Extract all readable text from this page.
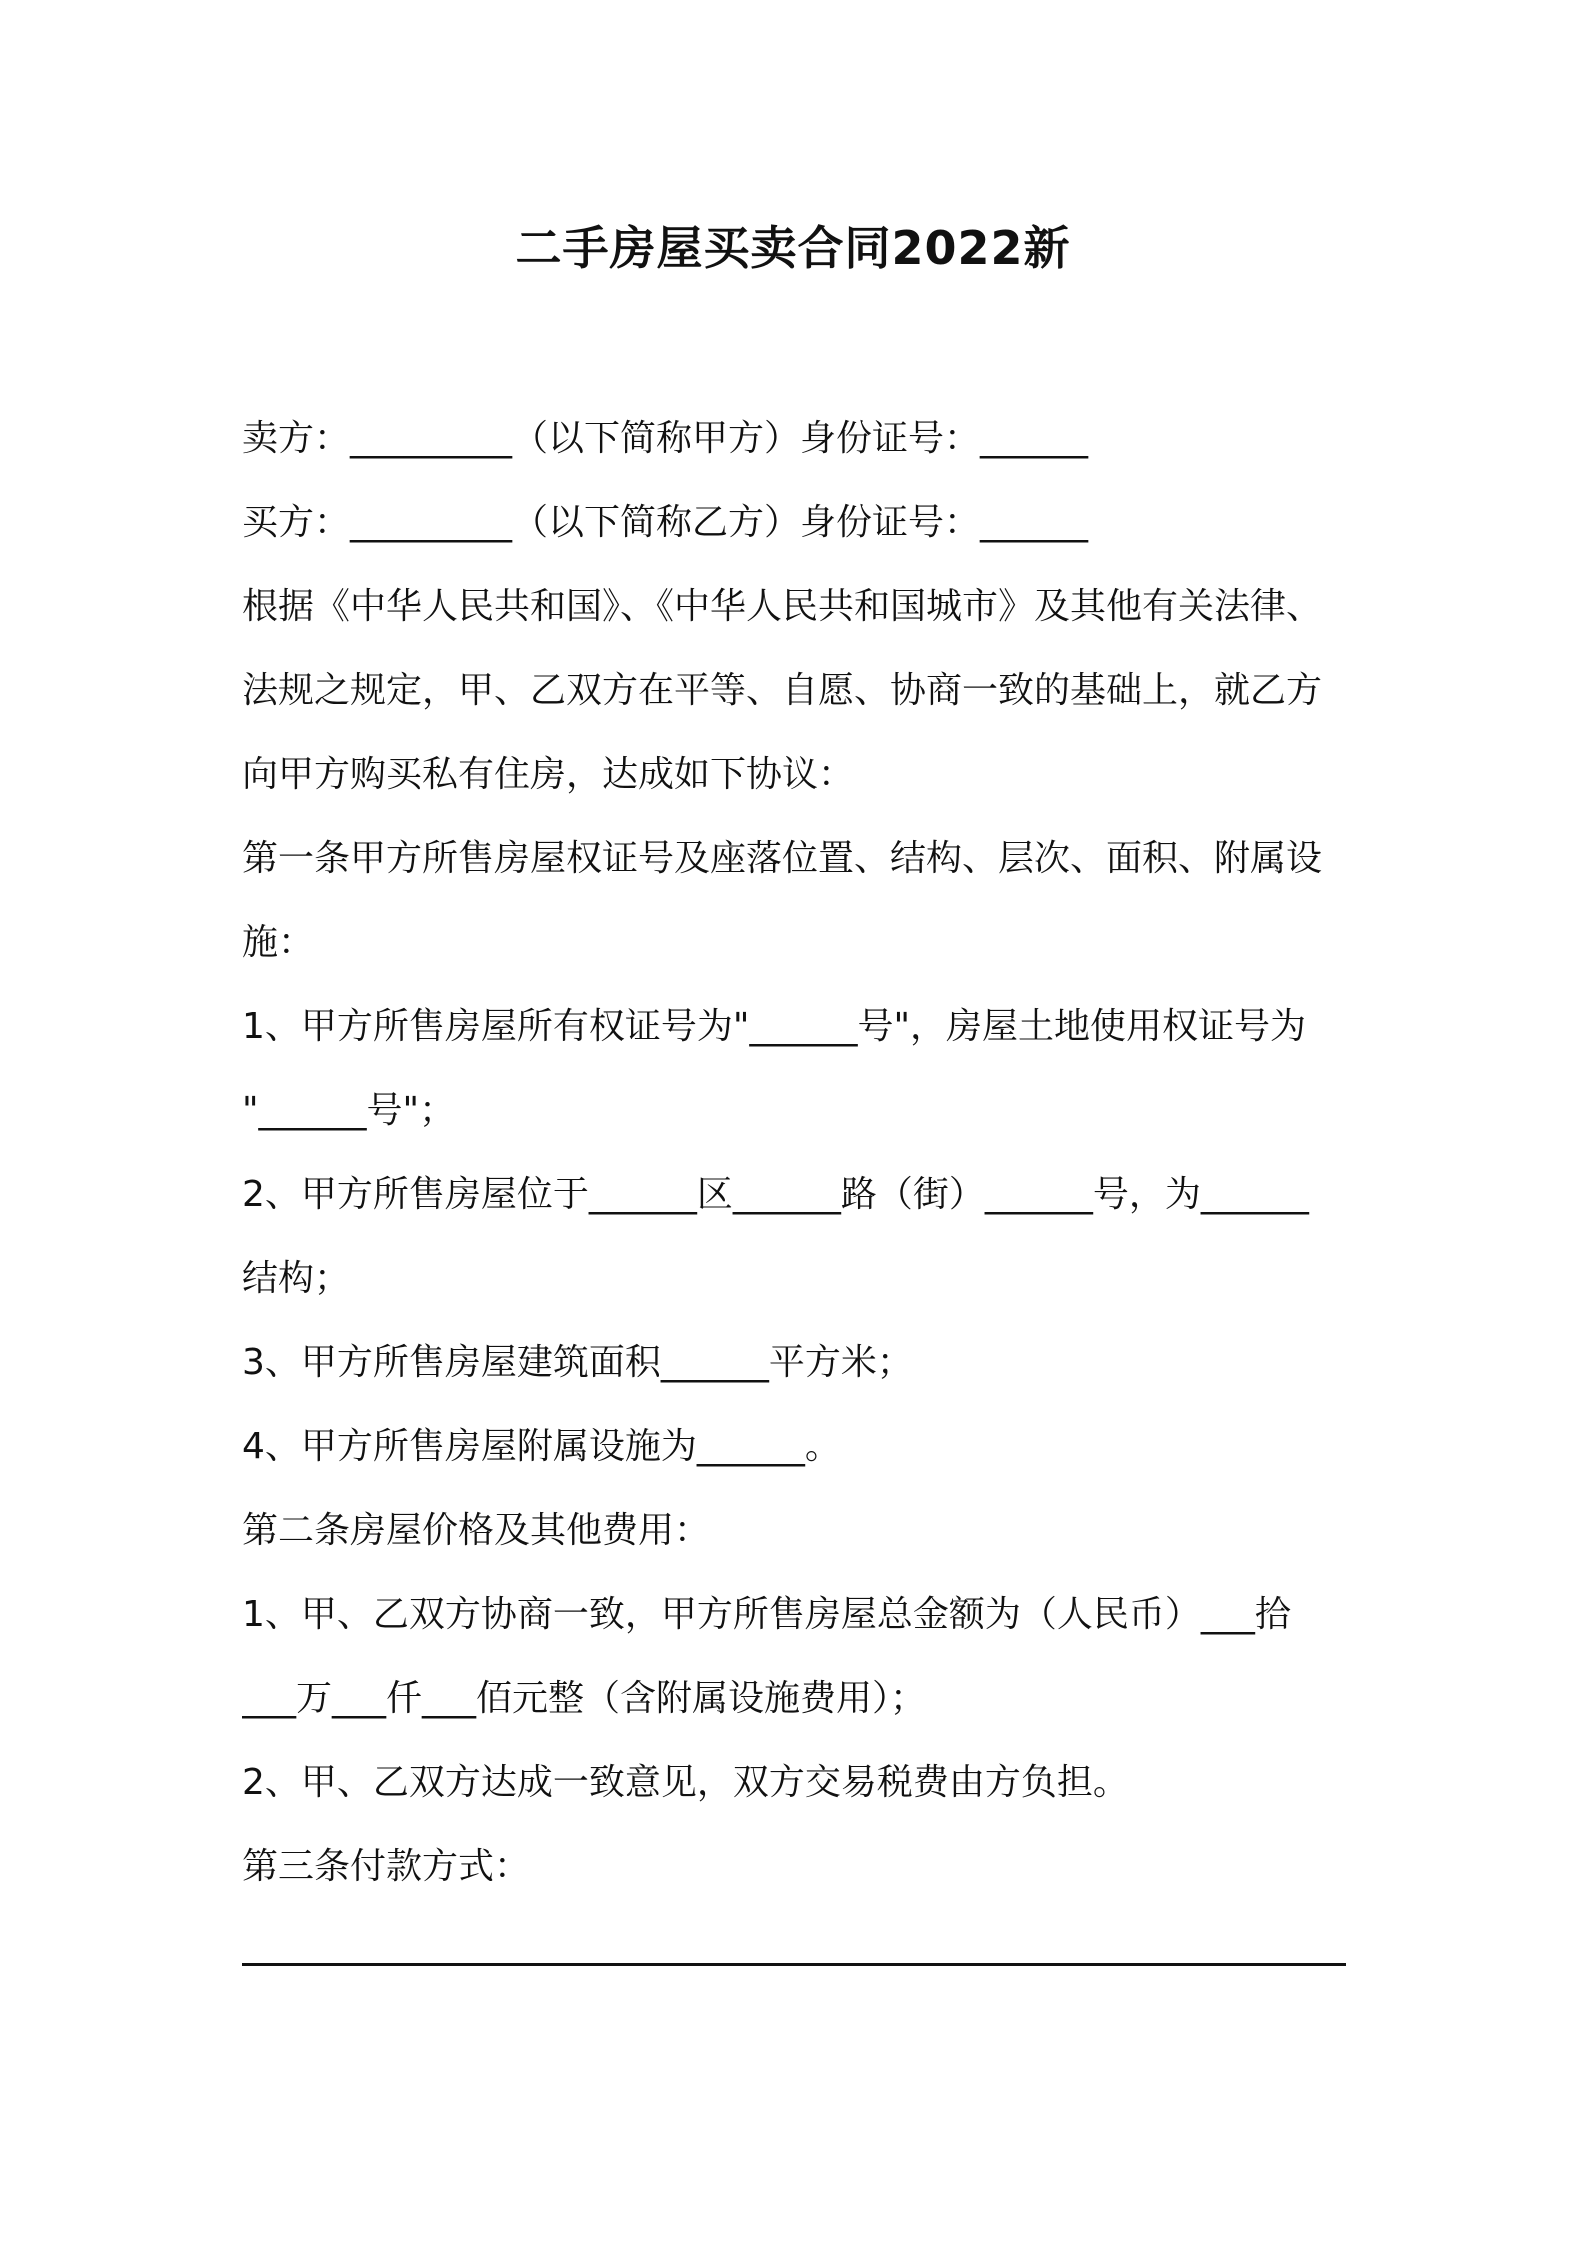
二手房屋买卖合同2022新
卖方：_________（以下简称甲方）身份证号：______
买方：_________（以下简称乙方）身份证号：______
根据《中华人民共和国》、《中华人民共和国城市》及其他有关法律、
法规之规定，甲、乙双方在平等、自愿、协商一致的基础上，就乙方
向甲方购买私有住房，达成如下协议：
第一条甲方所售房屋权证号及座落位置、结构、层次、面积、附属设
施：
1、甲方所售房屋所有权证号为"______号"，房屋土地使用权证号为
"______号"；
2、甲方所售房屋位于______区______路（街）______号，为______
结构；
3、甲方所售房屋建筑面积______平方米；
4、甲方所售房屋附属设施为______。
第二条房屋价格及其他费用：
1、甲、乙双方协商一致，甲方所售房屋总金额为（人民币）___拾
___万___仟___佰元整（含附属设施费用）；
2、甲、乙双方达成一致意见，双方交易税费由方负担。
第三条付款方式：
